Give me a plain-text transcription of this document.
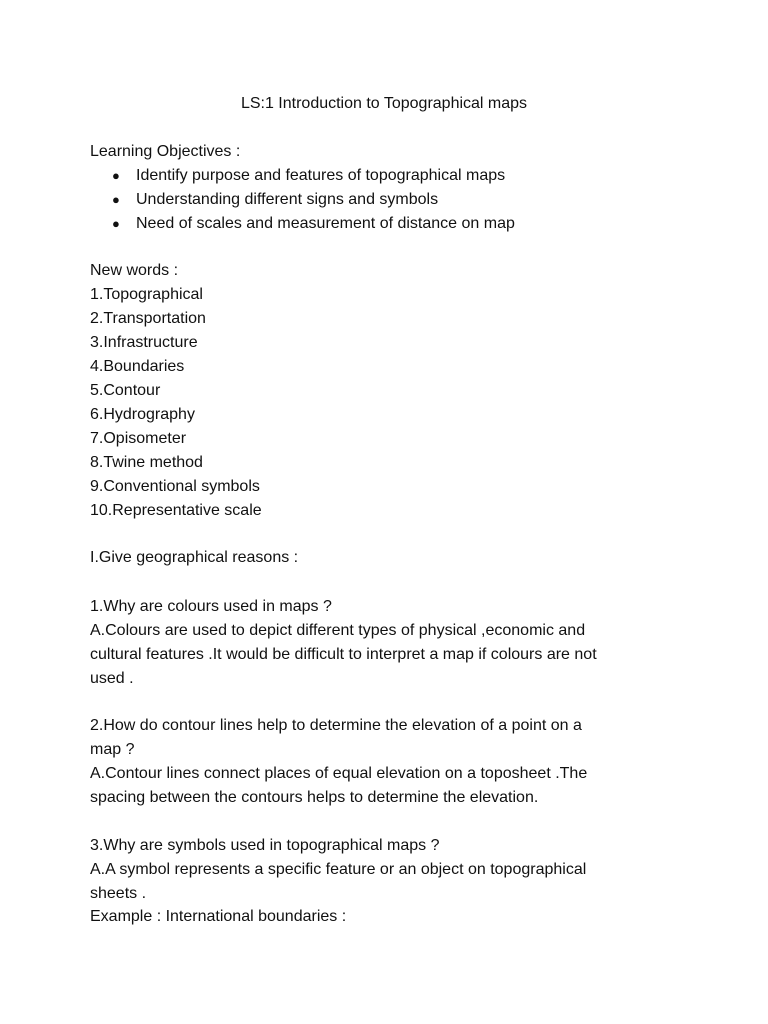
LS:1 Introduction to Topographical maps
Learning Objectives :
● Identify purpose and features of topographical maps
● Understanding different signs and symbols
● Need of scales and measurement of distance on map
New words :
1.Topographical
2.Transportation
3.Infrastructure
4.Boundaries
5.Contour
6.Hydrography
7.Opisometer
8.Twine method
9.Conventional symbols
10.Representative scale
I.Give geographical reasons :
1.Why are colours used in maps ?
A.Colours are used to depict different types of physical ,economic and
cultural features .It would be difficult to interpret a map if colours are not
used .
2.How do contour lines help to determine the elevation of a point on a
map ?
A.Contour lines connect places of equal elevation on a toposheet .The
spacing between the contours helps to determine the elevation.
3.Why are symbols used in topographical maps ?
A.A symbol represents a specific feature or an object on topographical
sheets .
Example : International boundaries :
